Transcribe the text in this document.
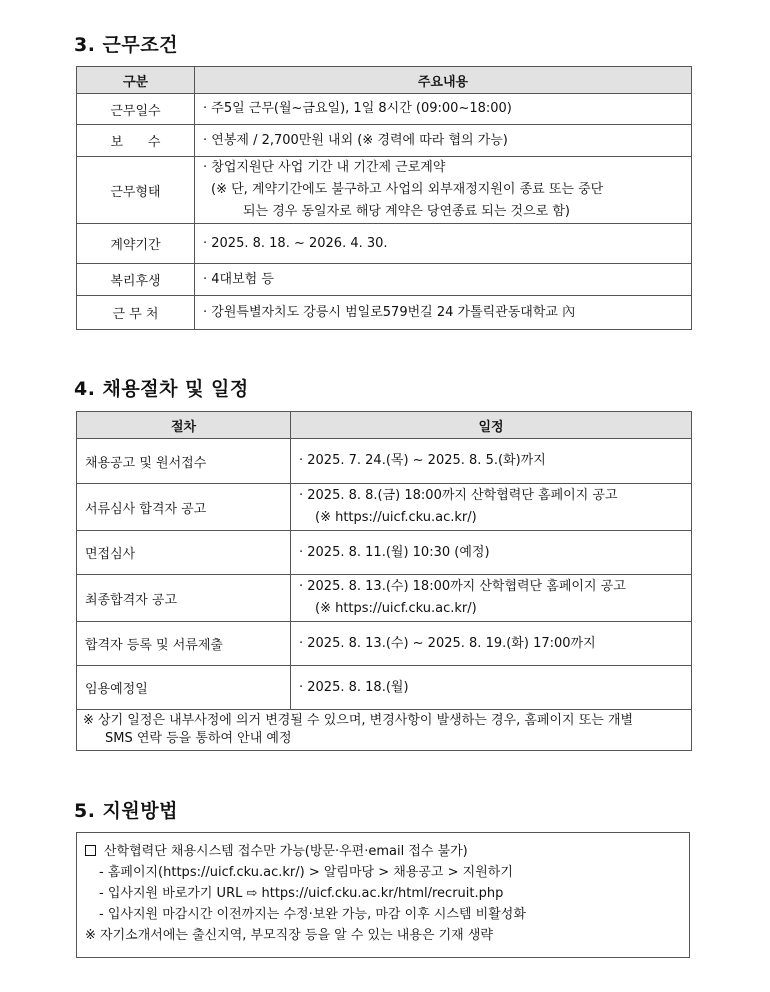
3. 근무조건
구분	주요내용
근무일수	· 주5일 근무(월~금요일), 1일 8시간 (09:00~18:00)
보      수	· 연봉제 / 2,700만원 내외 (※ 경력에 따라 협의 가능)
근무형태	· 창업지원단 사업 기간 내 기간제 근로계약
(※ 단, 계약기간에도 불구하고 사업의 외부재정지원이 종료 또는 중단
되는 경우 동일자로 해당 계약은 당연종료 되는 것으로 함)

계약기간	· 2025. 8. 18. ~ 2026. 4. 30.
복리후생	· 4대보험 등
근 무 처	· 강원특별자치도 강릉시 범일로579번길 24 가톨릭관동대학교 內
4. 채용절차 및 일정
절차	일정
채용공고 및 원서접수	· 2025. 7. 24.(목) ~ 2025. 8. 5.(화)까지
서류심사 합격자 공고	· 2025. 8. 8.(금) 18:00까지 산학협력단 홈페이지 공고
(※ https://uicf.cku.ac.kr/)

면접심사	· 2025. 8. 11.(월) 10:30 (예정)
최종합격자 공고	· 2025. 8. 13.(수) 18:00까지 산학협력단 홈페이지 공고
(※ https://uicf.cku.ac.kr/)

합격자 등록 및 서류제출	· 2025. 8. 13.(수) ~ 2025. 8. 19.(화) 17:00까지
임용예정일	· 2025. 8. 18.(월)

※ 상기 일정은 내부사정에 의거 변경될 수 있으며, 변경사항이 발생하는 경우, 홈페이지 또는 개별
SMS 연락 등을 통하여 안내 예정	
5. 지원방법
산학협력단 채용시스템 접수만 가능(방문·우편·email 접수 불가)
- 홈페이지(https://uicf.cku.ac.kr/) > 알림마당 > 채용공고 > 지원하기
- 입사지원 바로가기 URL ⇨ https://uicf.cku.ac.kr/html/recruit.php
- 입사지원 마감시간 이전까지는 수정·보완 가능, 마감 이후 시스템 비활성화
※ 자기소개서에는 출신지역, 부모직장 등을 알 수 있는 내용은 기재 생략
